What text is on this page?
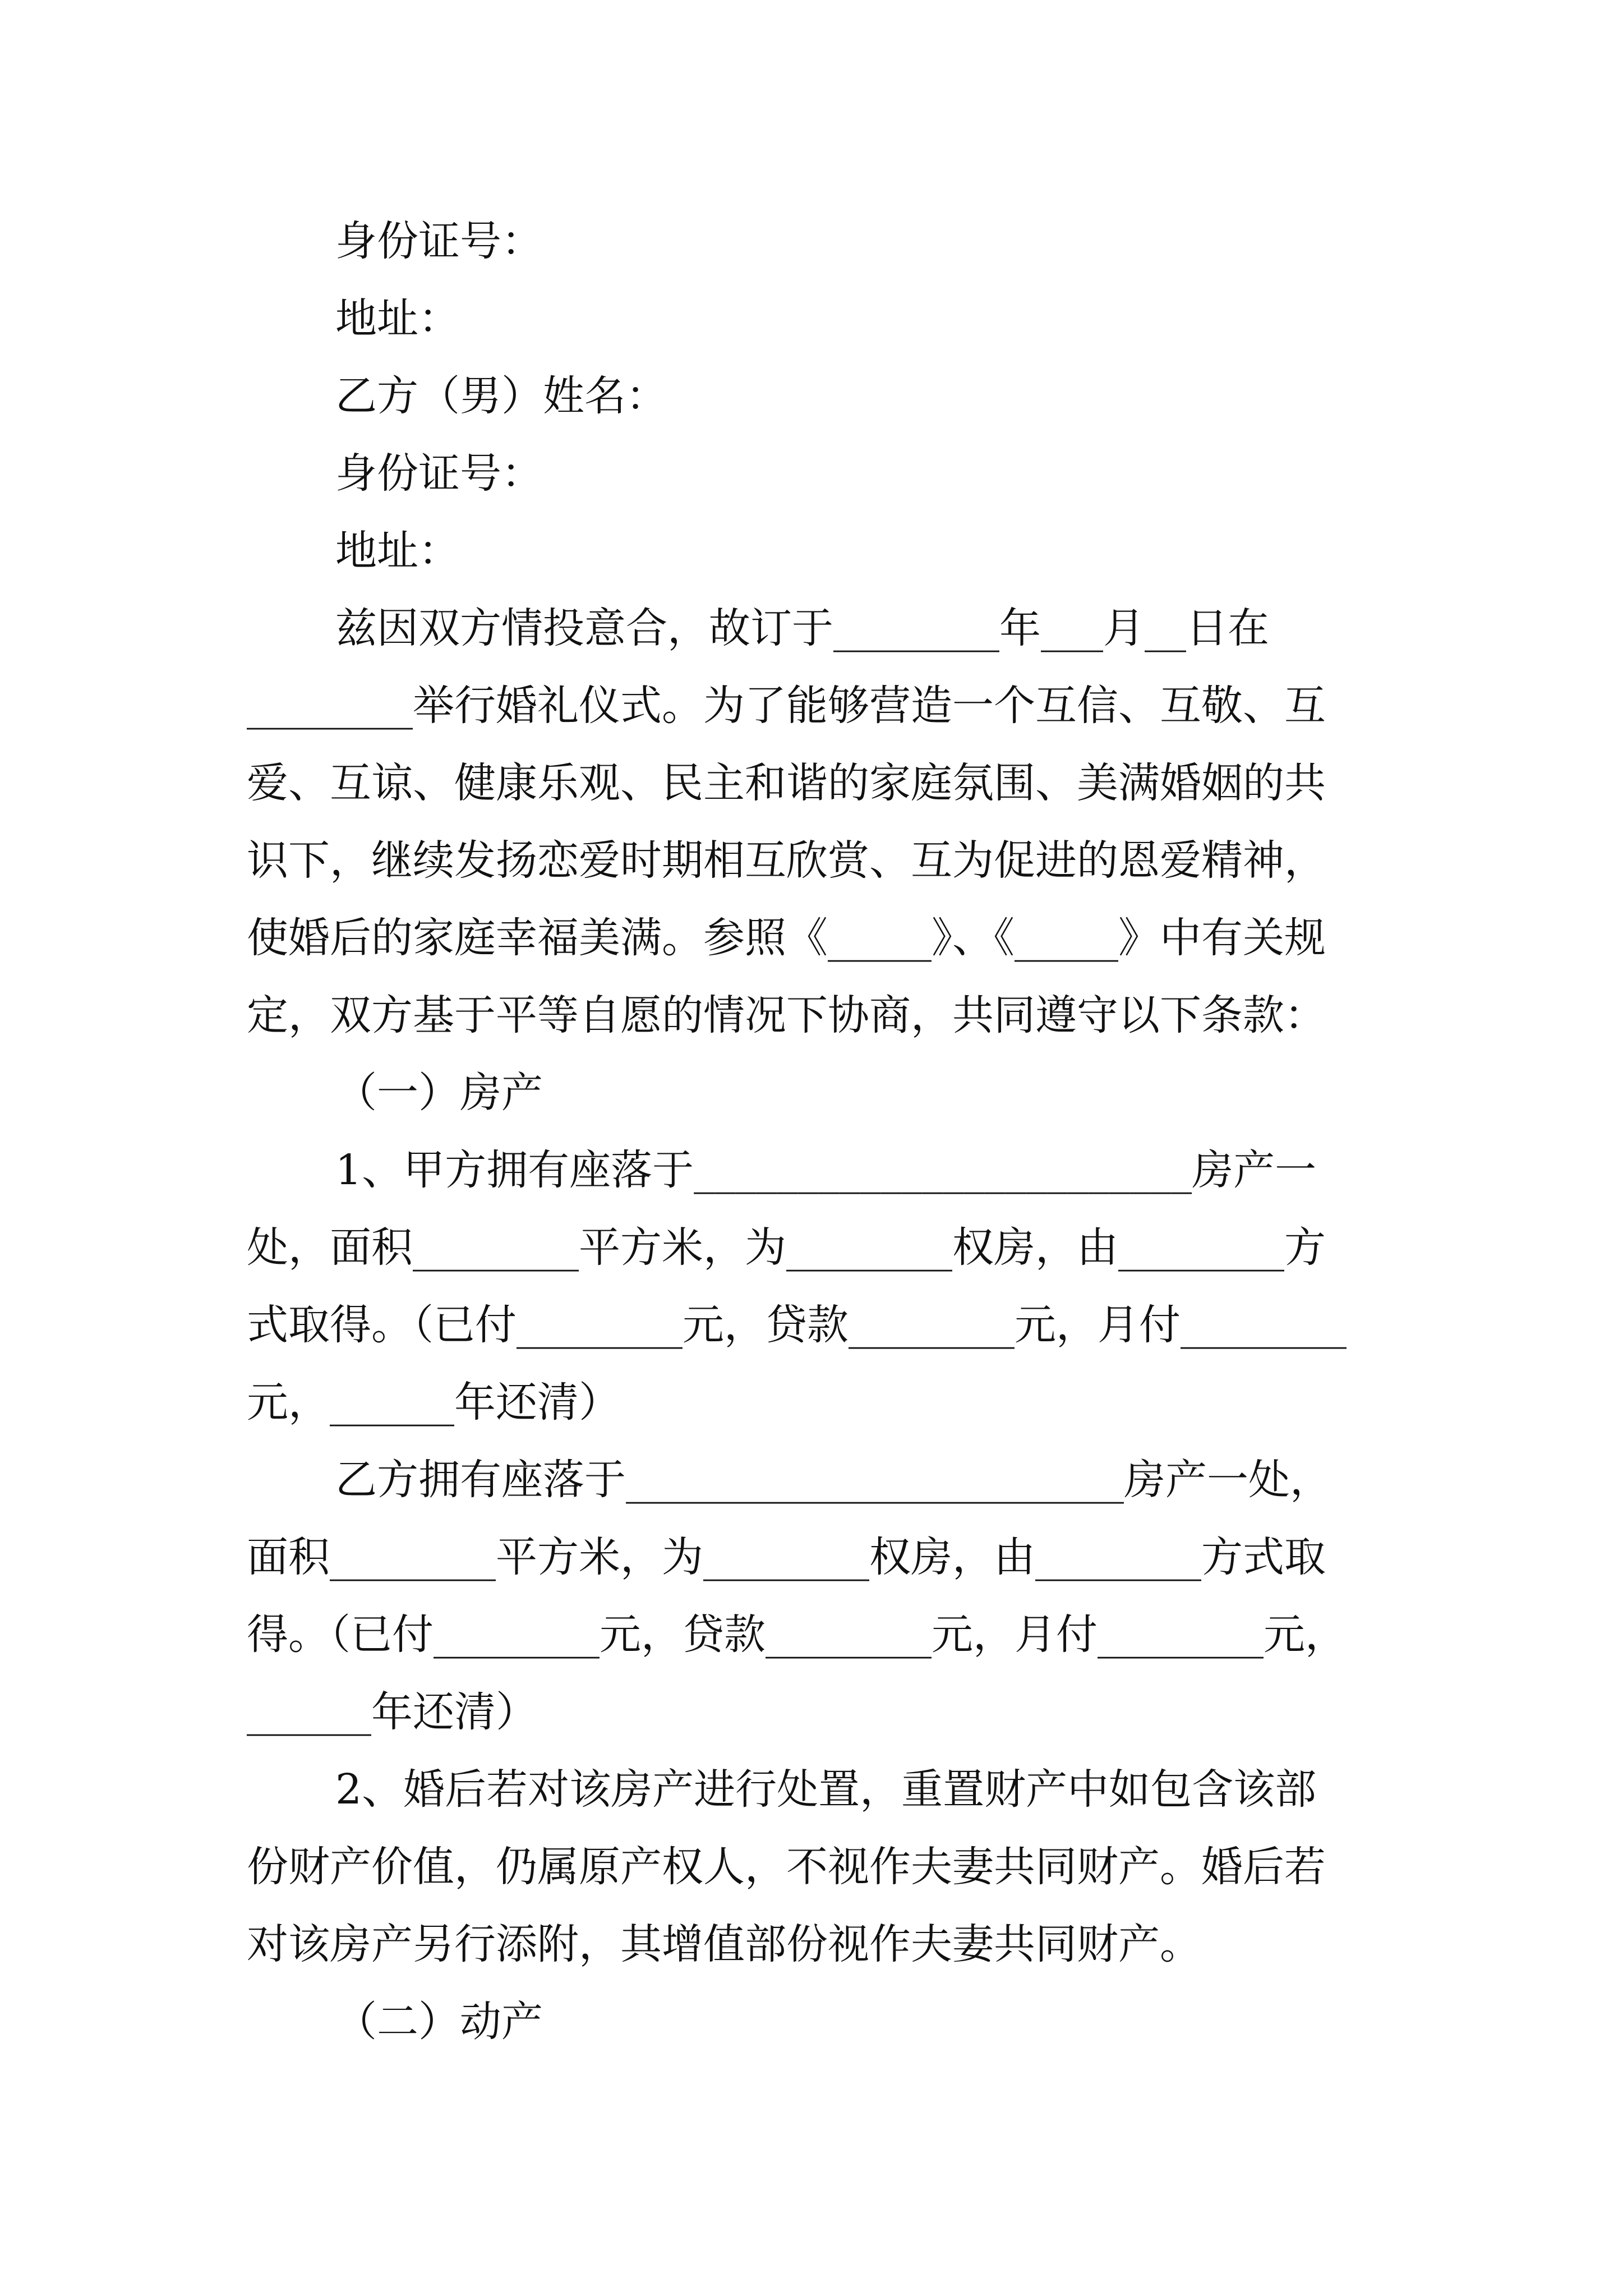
身份证号：
地址：
乙方（男）姓名：
身份证号：
地址：
兹因双方情投意合，故订于________年___月__日在
________举行婚礼仪式。为了能够营造一个互信、互敬、互
爱、互谅、健康乐观、民主和谐的家庭氛围、美满婚姻的共
识下，继续发扬恋爱时期相互欣赏、互为促进的恩爱精神，
使婚后的家庭幸福美满。参照《_____》、《_____》中有关规
定，双方基于平等自愿的情况下协商，共同遵守以下条款：
（一）房产
1、甲方拥有座落于________________________房产一
处，面积________平方米，为________权房，由________方
式取得。（已付________元，贷款________元，月付________
元，______年还清）
乙方拥有座落于________________________房产一处，
面积________平方米，为________权房，由________方式取
得。（已付________元，贷款________元，月付________元，
______年还清）
2、婚后若对该房产进行处置，重置财产中如包含该部
份财产价值，仍属原产权人，不视作夫妻共同财产。婚后若
对该房产另行添附，其增值部份视作夫妻共同财产。
（二）动产
